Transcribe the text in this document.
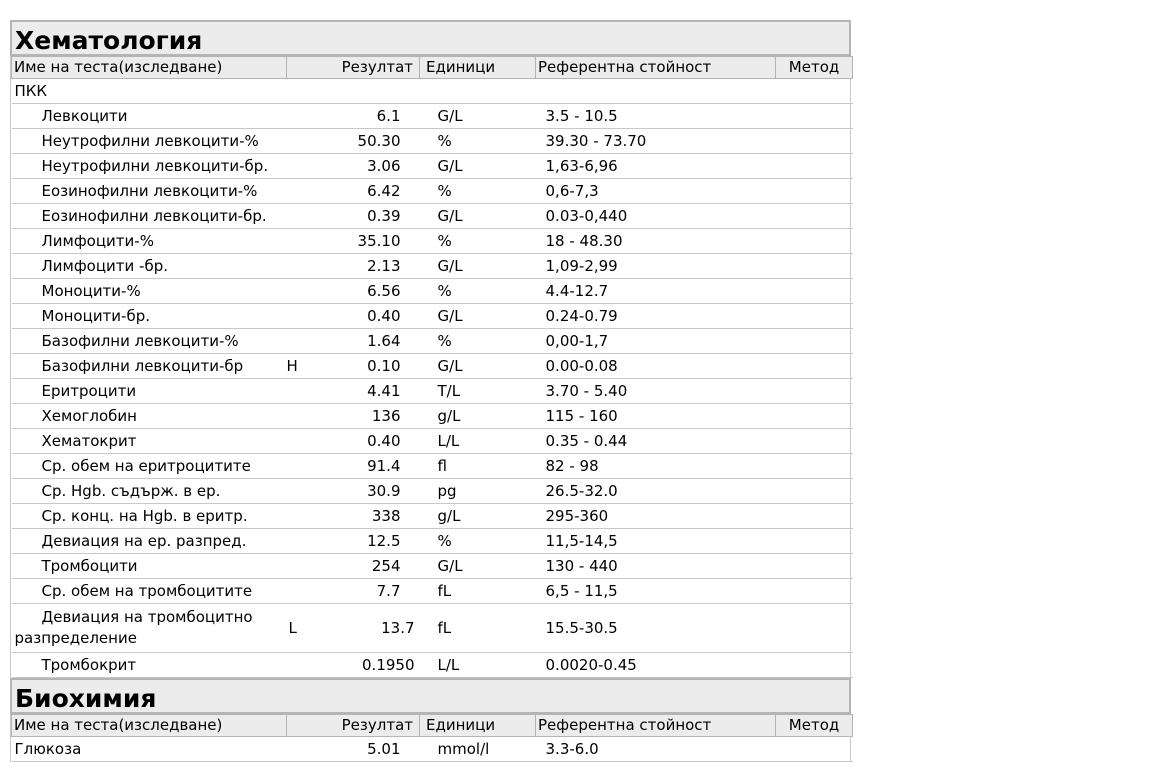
Хематология
Име на теста(изследване)	Резултат		Единици	Референтна стойност	Метод
ПКК					
Левкоцити	6.1		G/L	3.5 - 10.5	
Неутрофилни левкоцити-%	50.30		%	39.30 - 73.70	
Неутрофилни левкоцити-бр.	3.06		G/L	1,63-6,96	
Еозинофилни левкоцити-%	6.42		%	0,6-7,3	
Еозинофилни левкоцити-бр.	0.39		G/L	0.03-0,440	
Лимфоцити-%	35.10		%	18 - 48.30	
Лимфоцити -бр.	2.13		G/L	1,09-2,99	
Моноцити-%	6.56		%	4.4-12.7	
Моноцити-бр.	0.40		G/L	0.24-0.79	
Базофилни левкоцити-%	1.64		%	0,00-1,7	
Базофилни левкоцити-бр	H 0.10		G/L	0.00-0.08	
Еритроцити	4.41		T/L	3.70 - 5.40	
Хемоглобин	136		g/L	115 - 160	
Хематокрит	0.40		L/L	0.35 - 0.44	
Ср. обем на еритроцитите	91.4		fl	82 - 98	
Ср. Hgb. съдърж. в ер.	30.9		pg	26.5-32.0	
Ср. конц. на Hgb. в еритр.	338		g/L	295-360	
Девиация на ер. разпред.	12.5		%	11,5-14,5	
Тромбоцити	254		G/L	130 - 440	
Ср. обем на тромбоцитите	7.7		fL	6,5 - 11,5	

Девиация на тромбоцитно
разпределение	L 13.7		fL	15.5-30.5	
Тромбокрит	0.1950		L/L	0.0020-0.45	
Биохимия
Име на теста(изследване)	Резултат		Единици	Референтна стойност	Метод
Глюкоза	5.01		mmol/l	3.3-6.0	
